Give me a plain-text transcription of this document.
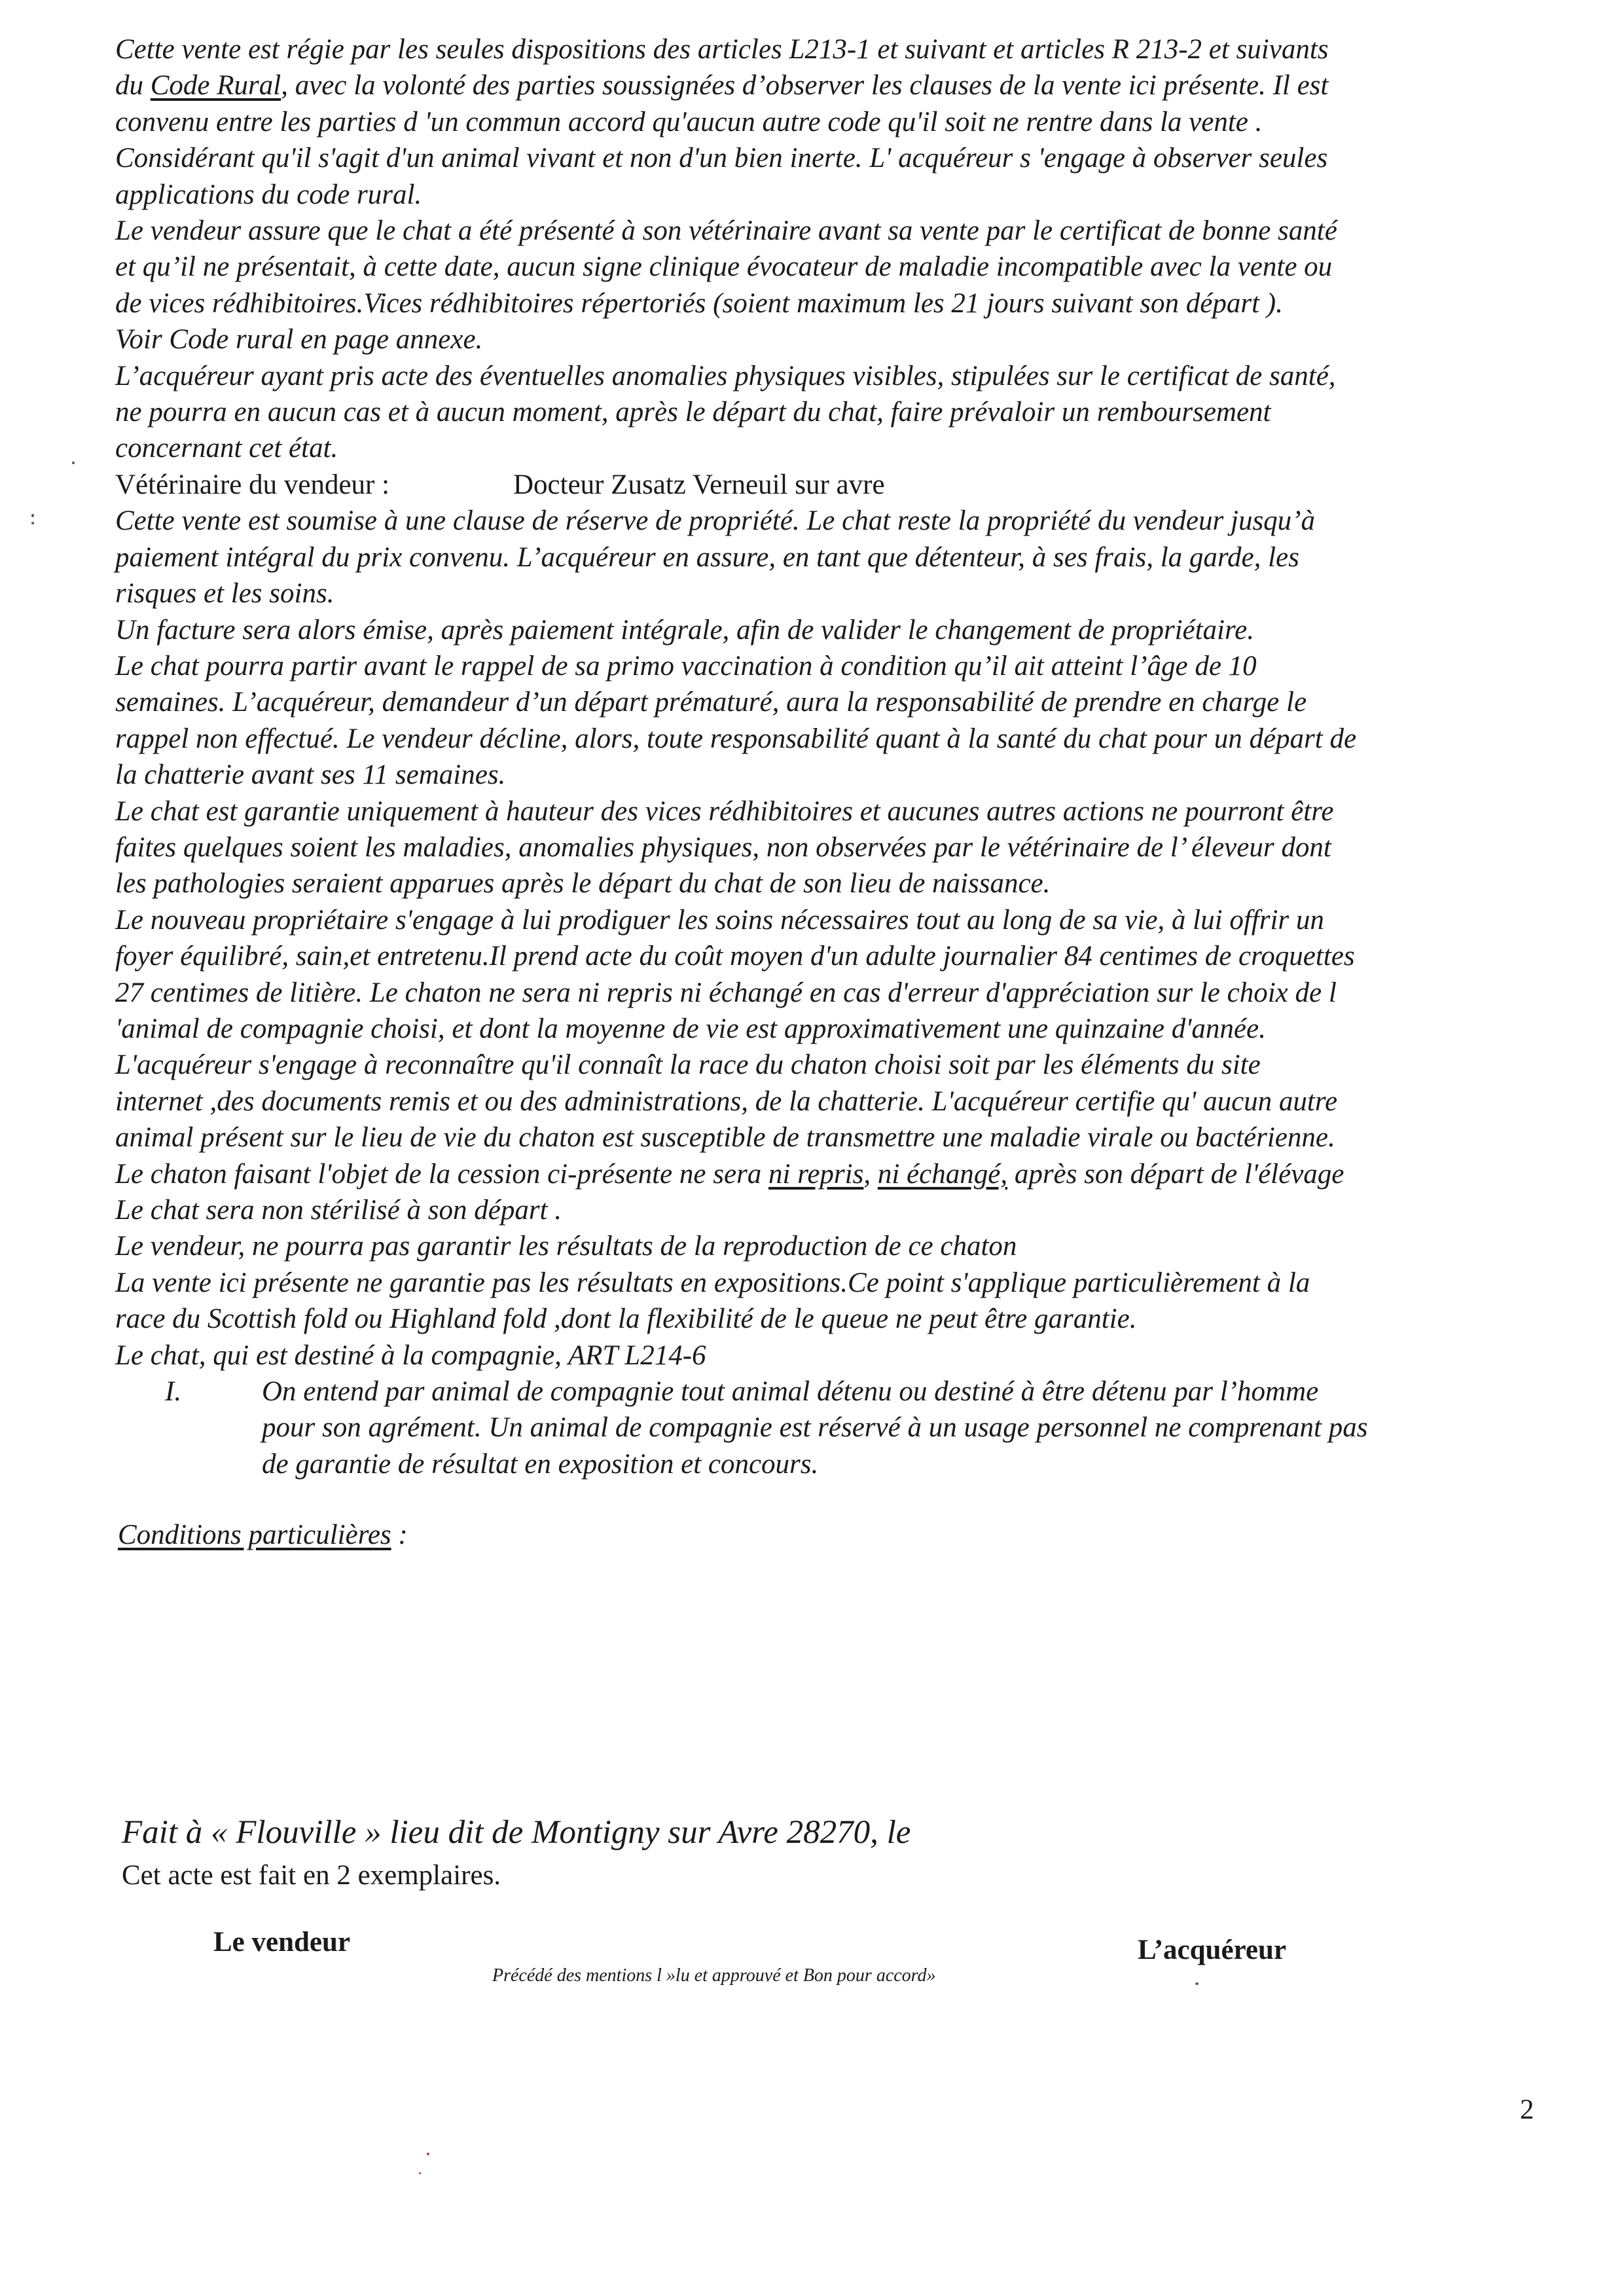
Cette vente est régie par les seules dispositions des articles L213-1 et suivant et articles R 213-2 et suivants
du Code Rural, avec la volonté des parties soussignées d’observer les clauses de la vente ici présente. Il est
convenu entre les parties d 'un commun accord qu'aucun autre code qu'il soit ne rentre dans la vente .
Considérant qu'il s'agit d'un animal vivant et non d'un bien inerte. L' acquéreur s 'engage à observer seules
applications du code rural.
Le vendeur assure que le chat a été présenté à son vétérinaire avant sa vente par le certificat de bonne santé
et qu’il ne présentait, à cette date, aucun signe clinique évocateur de maladie incompatible avec la vente ou
de vices rédhibitoires.Vices rédhibitoires répertoriés (soient maximum les 21 jours suivant son départ ).
Voir Code rural en page annexe.
L’acquéreur ayant pris acte des éventuelles anomalies physiques visibles, stipulées sur le certificat de santé,
ne pourra en aucun cas et à aucun moment, après le départ du chat, faire prévaloir un remboursement
concernant cet état.
Vétérinaire du vendeur :	Docteur Zusatz Verneuil sur avre
Cette vente est soumise à une clause de réserve de propriété. Le chat reste la propriété du vendeur jusqu’à
paiement intégral du prix convenu. L’acquéreur en assure, en tant que détenteur, à ses frais, la garde, les
risques et les soins.
Un facture sera alors émise, après paiement intégrale, afin de valider le changement de propriétaire.
Le chat pourra partir avant le rappel de sa primo vaccination à condition qu’il ait atteint l’âge de 10
semaines. L’acquéreur, demandeur d’un départ prématuré, aura la responsabilité de prendre en charge le
rappel non effectué. Le vendeur décline, alors, toute responsabilité quant à la santé du chat pour un départ de
la chatterie avant ses 11 semaines.
Le chat est garantie uniquement à hauteur des vices rédhibitoires et aucunes autres actions ne pourront être
faites quelques soient les maladies, anomalies physiques, non observées par le vétérinaire de l’ éleveur dont
les pathologies seraient apparues après le départ du chat de son lieu de naissance.
Le nouveau propriétaire s'engage à lui prodiguer les soins nécessaires tout au long de sa vie, à lui offrir un
foyer équilibré, sain,et entretenu.Il prend acte du coût moyen d'un adulte journalier 84 centimes de croquettes
27 centimes de litière. Le chaton ne sera ni repris ni échangé en cas d'erreur d'appréciation sur le choix de l
'animal de compagnie choisi, et dont la moyenne de vie est approximativement une quinzaine d'année.
L'acquéreur s'engage à reconnaître qu'il connaît la race du chaton choisi soit par les éléments du site
internet ,des documents remis et ou des administrations, de la chatterie. L'acquéreur certifie qu' aucun autre
animal présent sur le lieu de vie du chaton est susceptible de transmettre une maladie virale ou bactérienne.
Le chaton faisant l'objet de la cession ci-présente ne sera ni repris, ni échangé, après son départ de l'élévage
Le chat sera non stérilisé à son départ .
Le vendeur, ne pourra pas garantir les résultats de la reproduction de ce chaton
La vente ici présente ne garantie pas les résultats en expositions.Ce point s'applique particulièrement à la
race du Scottish fold ou Highland fold ,dont la flexibilité de le queue ne peut être garantie.
Le chat, qui est destiné à la compagnie, ART L214-6
I.	On entend par animal de compagnie tout animal détenu ou destiné à être détenu par l’homme
pour son agrément. Un animal de compagnie est réservé à un usage personnel ne comprenant pas
de garantie de résultat en exposition et concours.
Conditions particulières :
Fait à « Flouville » lieu dit de Montigny sur Avre 28270, le
Cet acte est fait en 2 exemplaires.
Le vendeur	L’acquéreur
Précédé des mentions l »lu et approuvé et Bon pour accord»
2
